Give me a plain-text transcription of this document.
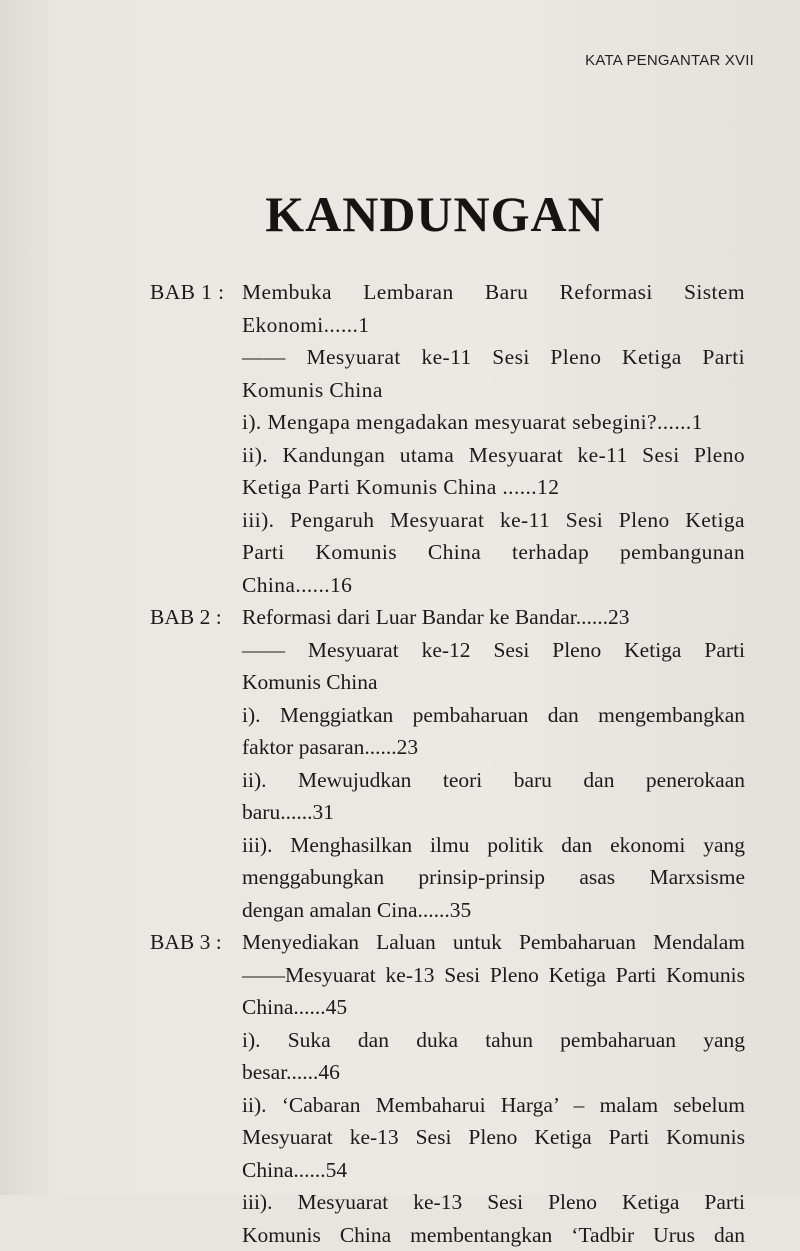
KATA PENGANTAR XVII
KANDUNGAN
BAB 1 : Membuka Lembaran Baru Reformasi Sistem
Ekonomi......1
—— Mesyuarat ke-11 Sesi Pleno Ketiga Parti
Komunis China
i). Mengapa mengadakan mesyuarat sebegini?......1
ii). Kandungan utama Mesyuarat ke-11 Sesi Pleno
Ketiga Parti Komunis China ......12
iii). Pengaruh Mesyuarat ke-11 Sesi Pleno Ketiga
Parti Komunis China terhadap pembangunan
China......16
BAB 2 : Reformasi dari Luar Bandar ke Bandar......23
—— Mesyuarat ke-12 Sesi Pleno Ketiga Parti
Komunis China
i). Menggiatkan pembaharuan dan mengembangkan
faktor pasaran......23
ii). Mewujudkan teori baru dan penerokaan
baru......31
iii). Menghasilkan ilmu politik dan ekonomi yang
menggabungkan prinsip-prinsip asas Marxsisme
dengan amalan Cina......35
BAB 3 : Menyediakan Laluan untuk Pembaharuan Mendalam
——Mesyuarat ke-13 Sesi Pleno Ketiga Parti Komunis
China......45
i). Suka dan duka tahun pembaharuan yang
besar......46
ii). ‘Cabaran Membaharui Harga’ – malam sebelum
Mesyuarat ke-13 Sesi Pleno Ketiga Parti Komunis
China......54
iii). Mesyuarat ke-13 Sesi Pleno Ketiga Parti
Komunis China membentangkan ‘Tadbir Urus dan
